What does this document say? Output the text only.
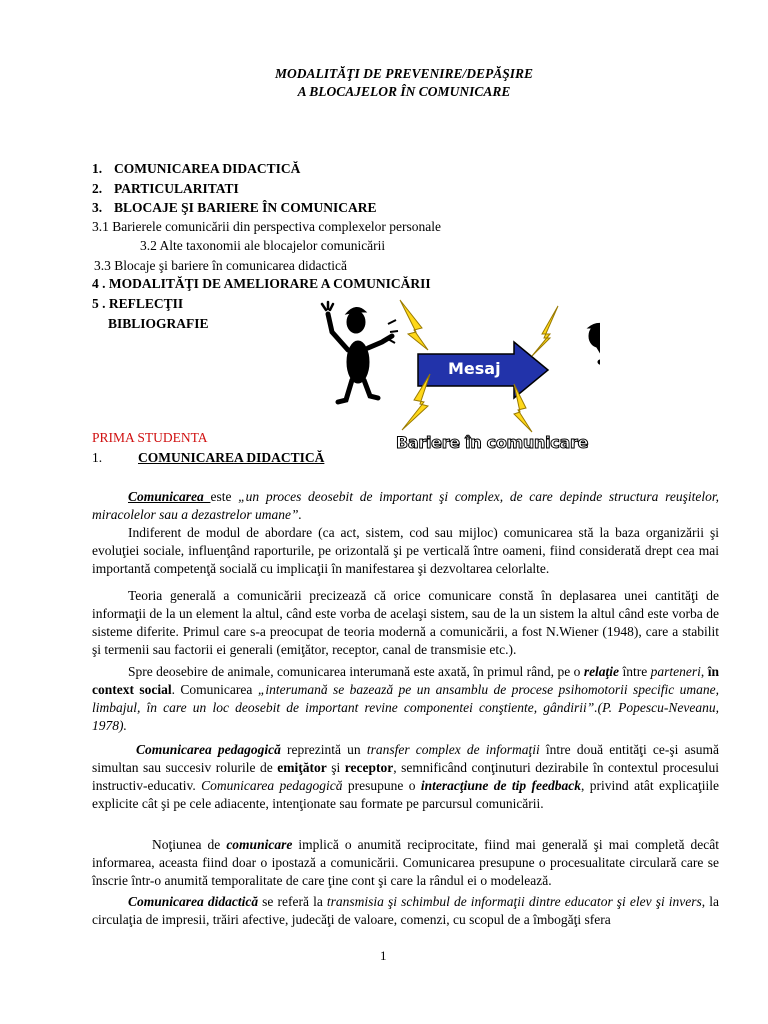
MODALITĂŢI DE PREVENIRE/DEPĂŞIRE
A BLOCAJELOR ÎN COMUNICARE
1. COMUNICAREA DIDACTICĂ
2. PARTICULARITATI
3. BLOCAJE ŞI BARIERE ÎN COMUNICARE
3.1 Barierele comunicării din perspectiva complexelor personale
3.2 Alte taxonomii ale blocajelor comunicării
3.3 Blocaje şi bariere în comunicarea didactică
4 . MODALITĂŢI DE AMELIORARE A COMUNICĂRII
5 . REFLECŢII
BIBLIOGRAFIE
Mesaj
Bariere în comunicare
PRIMA STUDENTA
1.	COMUNICAREA DIDACTICĂ

Comunicarea este „un proces deosebit de important şi complex, de care depinde structura reuşitelor, miracolelor sau a dezastrelor umane”.

Indiferent de modul de abordare (ca act, sistem, cod sau mijloc) comunicarea stă la baza organizării şi evoluţiei sociale, influenţând raporturile, pe orizontală şi pe verticală între oameni, fiind considerată drept cea mai importantă competenţă socială cu implicaţii în manifestarea şi dezvoltarea celorlalte.

Teoria generală a comunicării precizează că orice comunicare constă în deplasarea unei cantităţi de informaţii de la un element la altul, când este vorba de acelaşi sistem, sau de la un sistem la altul când este vorba de sisteme diferite. Primul care s-a preocupat de teoria modernă a comunicării, a fost N.Wiener (1948), care a stabilit şi termenii sau factorii ei generali (emiţător, receptor, canal de transmisie etc.).

Spre deosebire de animale, comunicarea interumană este axată, în primul rând, pe o relaţie între parteneri, în context social. Comunicarea „interumană se bazează pe un ansamblu de procese psihomotorii specific umane, limbajul, în care un loc deosebit de important revine componentei conştiente, gândirii”.(P. Popescu-Neveanu, 1978).

Comunicarea pedagogică reprezintă un transfer complex de informaţii între două entităţi ce-şi asumă simultan sau succesiv rolurile de emiţător şi receptor, semnificând conţinuturi dezirabile în contextul procesului instructiv-educativ. Comunicarea pedagogică presupune o interacţiune de tip feedback, privind atât explicaţiile explicite cât şi pe cele adiacente, intenţionate sau formate pe parcursul comunicării.

Noţiunea de comunicare implică o anumită reciprocitate, fiind mai generală şi mai completă decât informarea, aceasta fiind doar o ipostază a comunicării. Comunicarea presupune o procesualitate circulară care se înscrie într-o anumită temporalitate de care ţine cont şi care la rândul ei o modelează.

Comunicarea didactică se referă la transmisia şi schimbul de informaţii dintre educator şi elev şi invers, la circulaţia de impresii, trăiri afective, judecăţi de valoare, comenzi, cu scopul de a îmbogăţi sfera

1
